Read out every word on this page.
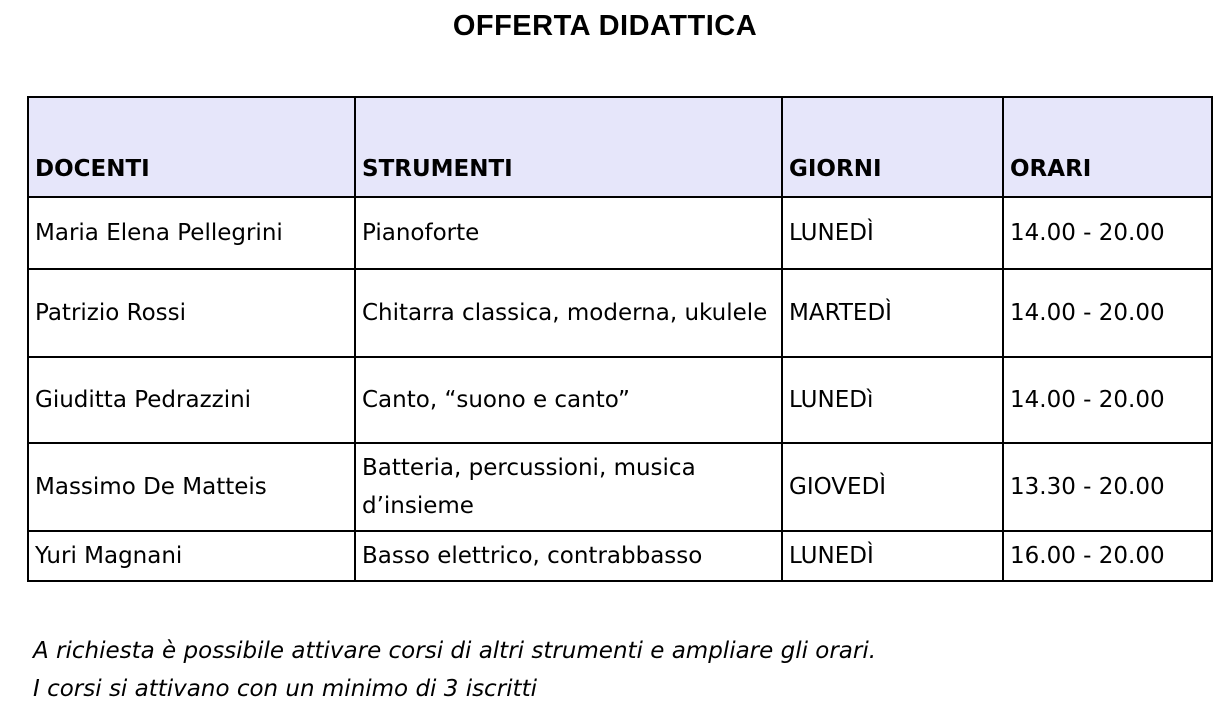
OFFERTA DIDATTICA
DOCENTI	STRUMENTI	GIORNI	ORARI
Maria Elena Pellegrini	Pianoforte	LUNEDÌ	14.00 - 20.00
Patrizio Rossi	Chitarra classica, moderna, ukulele	MARTEDÌ	14.00 - 20.00
Giuditta Pedrazzini	Canto, “suono e canto”	LUNEDì	14.00 - 20.00
Massimo De Matteis	Batteria, percussioni, musica d’insieme	GIOVEDÌ	13.30 - 20.00
Yuri Magnani	Basso elettrico, contrabbasso	LUNEDÌ	16.00 - 20.00
A richiesta è possibile attivare corsi di altri strumenti e ampliare gli orari.
I corsi si attivano con un minimo di 3 iscritti
